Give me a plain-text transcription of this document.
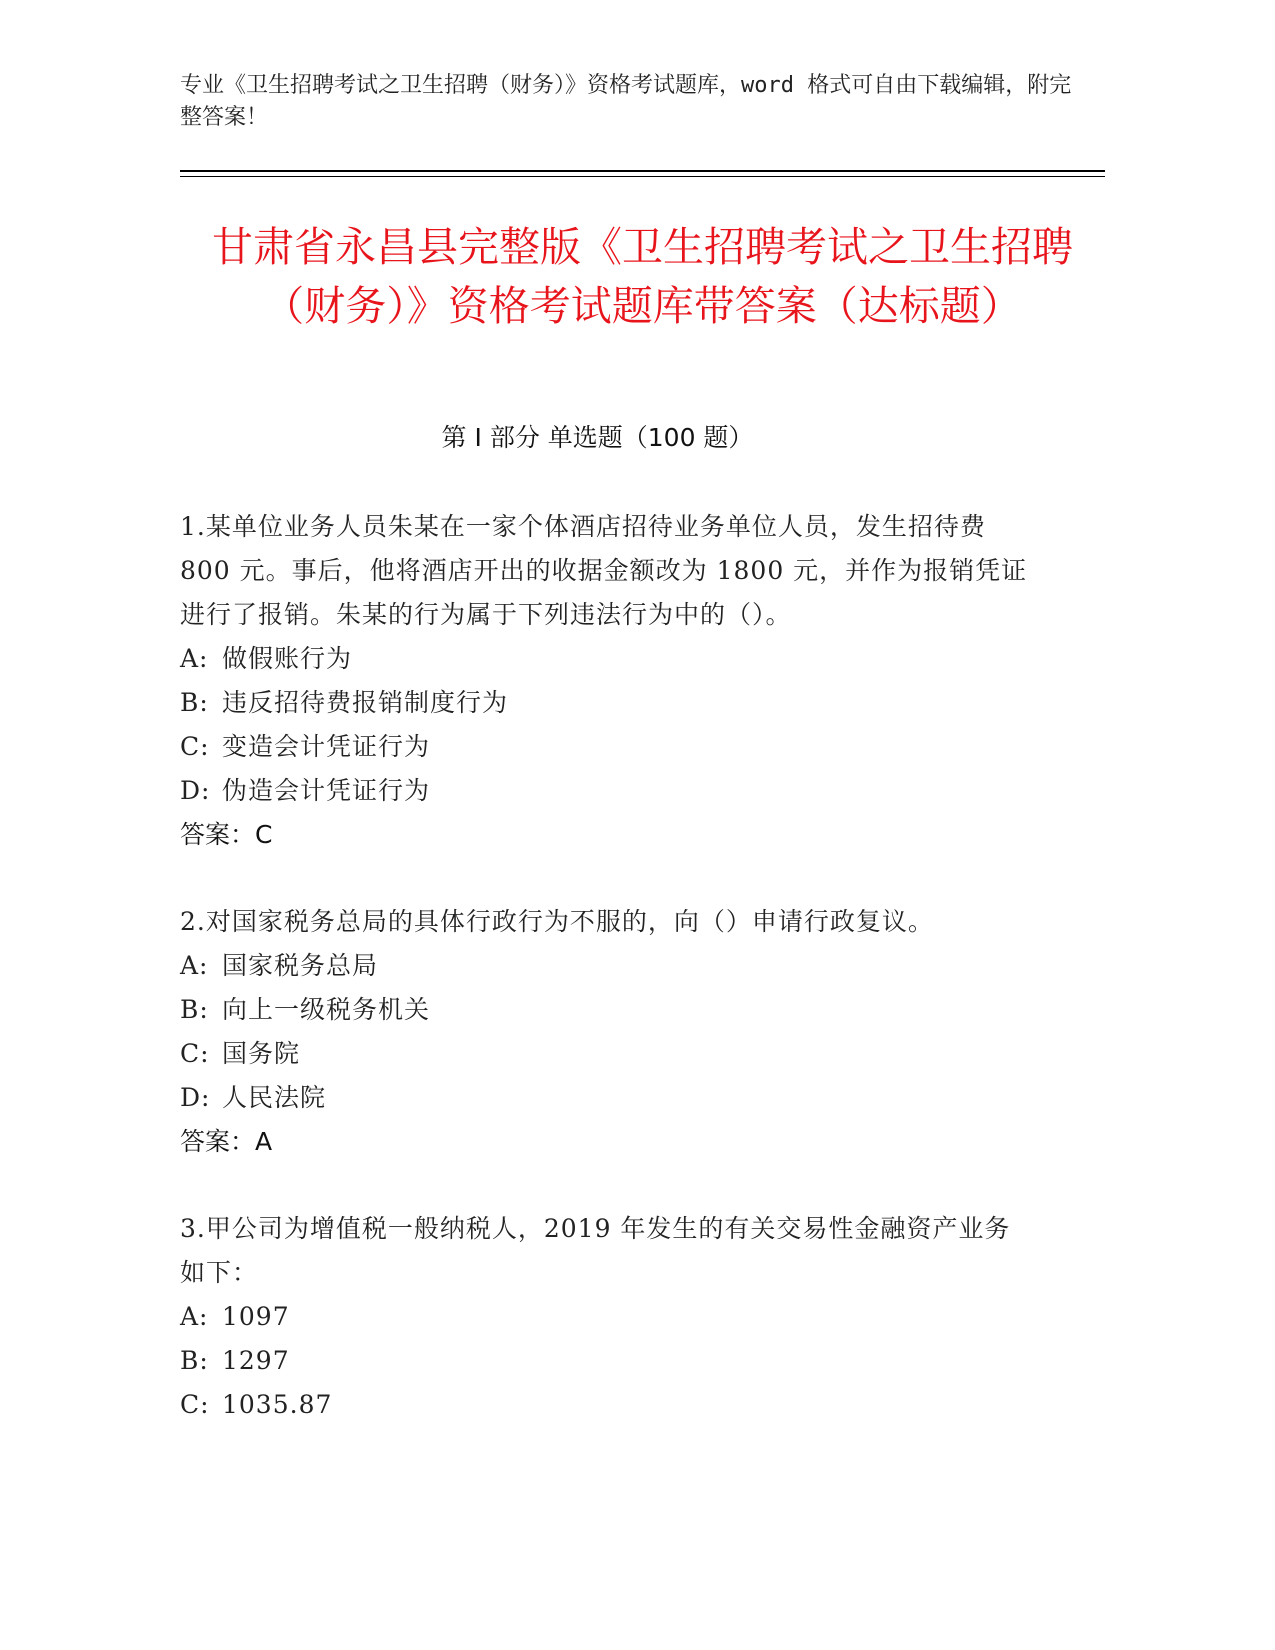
专业《卫生招聘考试之卫生招聘（财务）》资格考试题库，word 格式可自由下载编辑，附完整答案！
甘肃省永昌县完整版《卫生招聘考试之卫生招聘（财务）》资格考试题库带答案（达标题）
第 I 部分 单选题（100 题）

1.某单位业务人员朱某在一家个体酒店招待业务单位人员，发生招待费 800 元。事后，他将酒店开出的收据金额改为 1800 元，并作为报销凭证进行了报销。朱某的行为属于下列违法行为中的（）。

A: 做假账行为

B: 违反招待费报销制度行为

C: 变造会计凭证行为

D: 伪造会计凭证行为

答案：C

2.对国家税务总局的具体行政行为不服的，向（）申请行政复议。

A: 国家税务总局

B: 向上一级税务机关

C: 国务院

D: 人民法院

答案：A

3.甲公司为增值税一般纳税人，2019 年发生的有关交易性金融资产业务如下：

A: 1097

B: 1297

C: 1035.87
